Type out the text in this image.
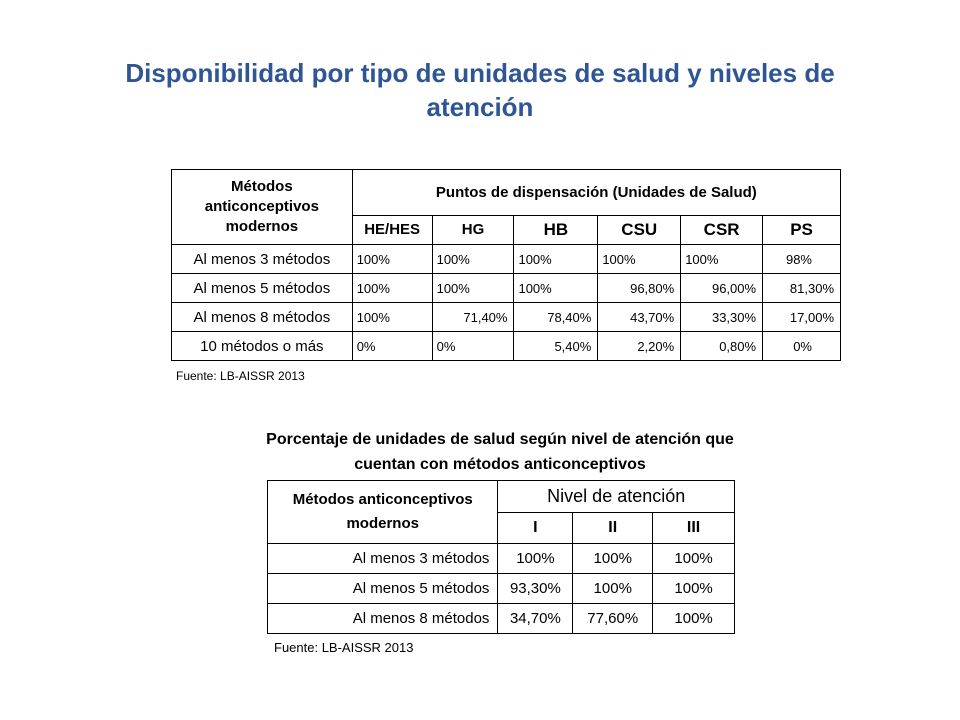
Disponibilidad por tipo de unidades de salud y niveles de atención
Métodos anticonceptivos modernos	Puntos de dispensación (Unidades de Salud)					
	HE/HES	HG	HB	CSU	CSR	PS
Al menos 3 métodos	100%	100%	100%	100%	100%	98%
Al menos 5 métodos	100%	100%	100%	96,80%	96,00%	81,30%
Al menos 8 métodos	100%	71,40%	78,40%	43,70%	33,30%	17,00%
10 métodos o más	0%	0%	5,40%	2,20%	0,80%	0%
Fuente: LB-AISSR 2013
Porcentaje de unidades de salud según nivel de atención que cuentan con métodos anticonceptivos
Métodos anticonceptivos modernos	Nivel de atención		
	I	II	III
Al menos 3 métodos	100%	100%	100%
Al menos 5 métodos	93,30%	100%	100%
Al menos 8 métodos	34,70%	77,60%	100%
Fuente: LB-AISSR 2013
